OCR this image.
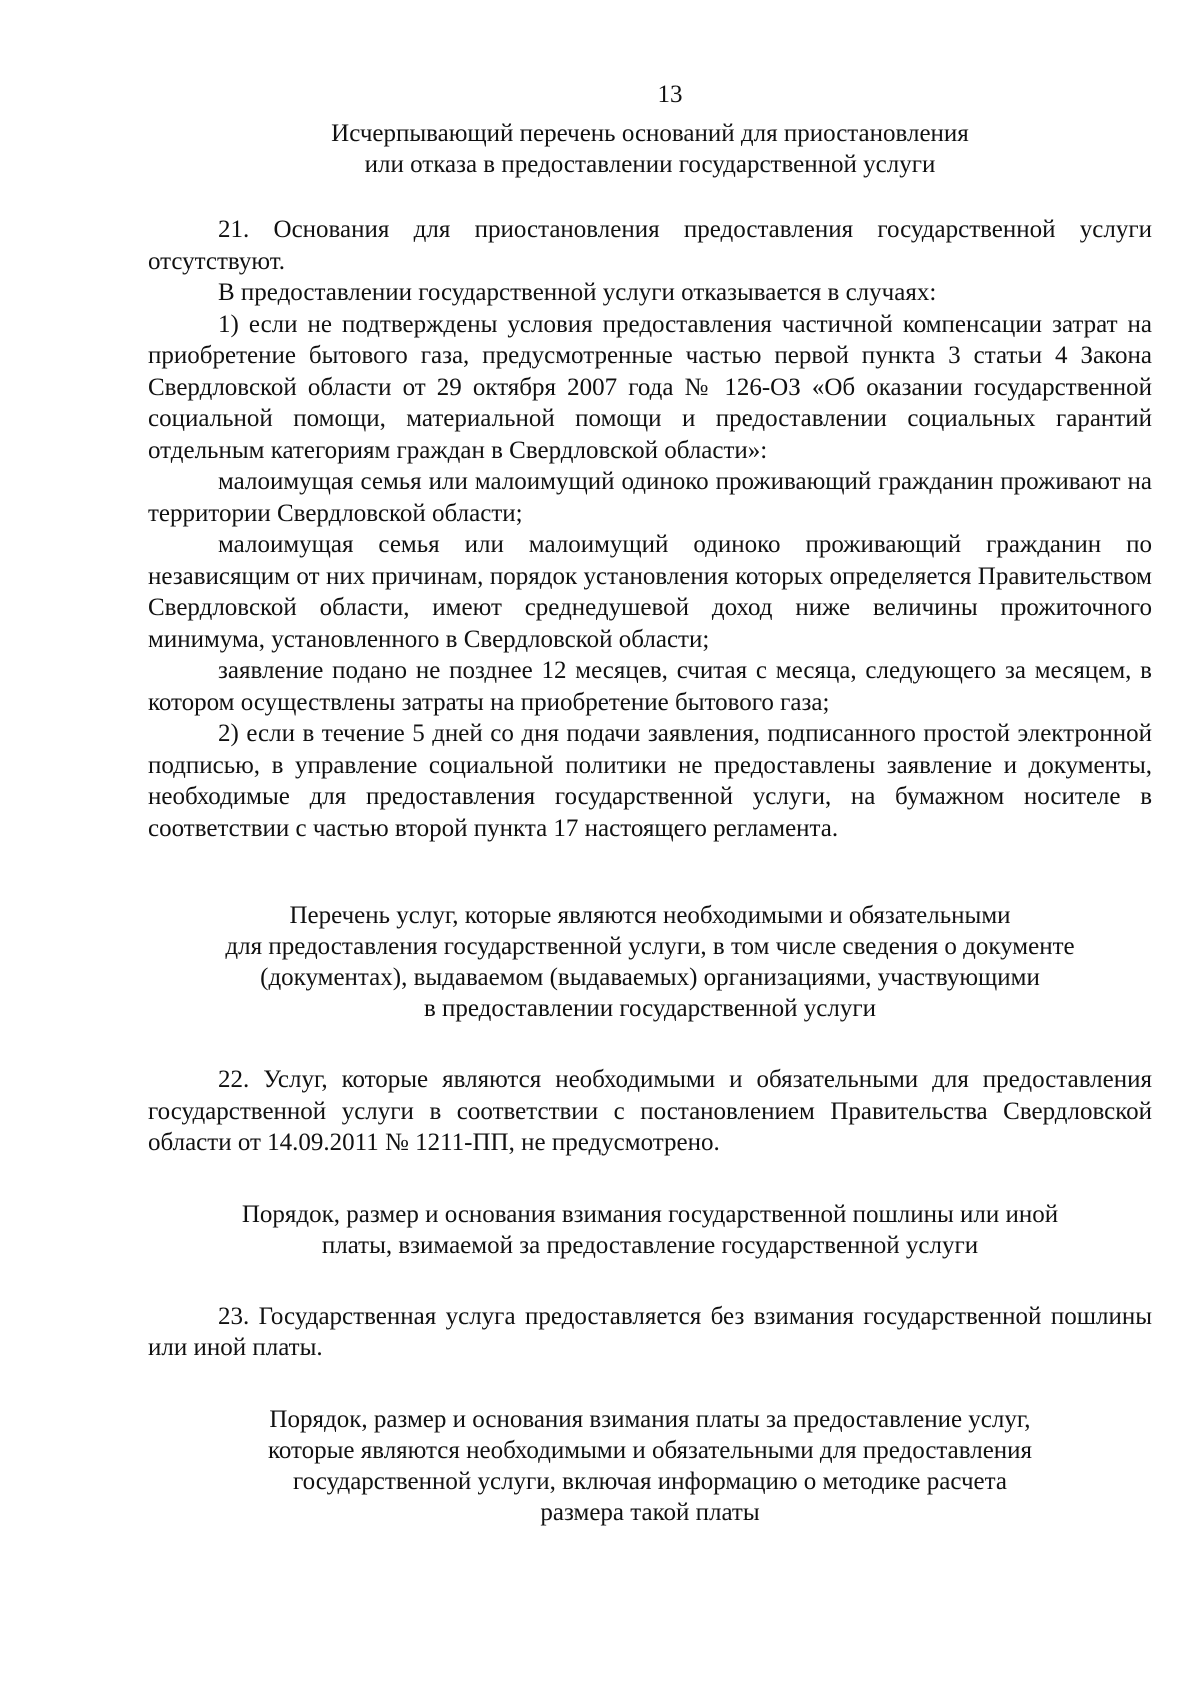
13
Исчерпывающий перечень оснований для приостановления
или отказа в предоставлении государственной услуги

21. Основания для приостановления предоставления государственной услуги отсутствуют.

В предоставлении государственной услуги отказывается в случаях:

1) если не подтверждены условия предоставления частичной компенсации затрат на приобретение бытового газа, предусмотренные частью первой пункта 3 статьи 4 Закона Свердловской области от 29 октября 2007 года № 126-ОЗ «Об оказании государственной социальной помощи, материальной помощи и предоставлении социальных гарантий отдельным категориям граждан в Свердловской области»:

малоимущая семья или малоимущий одиноко проживающий гражданин проживают на территории Свердловской области;

малоимущая семья или малоимущий одиноко проживающий гражданин по независящим от них причинам, порядок установления которых определяется Правительством Свердловской области, имеют среднедушевой доход ниже величины прожиточного минимума, установленного в Свердловской области;

заявление подано не позднее 12 месяцев, считая с месяца, следующего за месяцем, в котором осуществлены затраты на приобретение бытового газа;

2) если в течение 5 дней со дня подачи заявления, подписанного простой электронной подписью, в управление социальной политики не предоставлены заявление и документы, необходимые для предоставления государственной услуги, на бумажном носителе в соответствии с частью второй пункта 17 настоящего регламента.

Перечень услуг, которые являются необходимыми и обязательными
для предоставления государственной услуги, в том числе сведения о документе
(документах), выдаваемом (выдаваемых) организациями, участвующими
в предоставлении государственной услуги

22. Услуг, которые являются необходимыми и обязательными для предоставления государственной услуги в соответствии с постановлением Правительства Свердловской области от 14.09.2011 № 1211-ПП, не предусмотрено.

Порядок, размер и основания взимания государственной пошлины или иной
платы, взимаемой за предоставление государственной услуги

23. Государственная услуга предоставляется без взимания государственной пошлины или иной платы.

Порядок, размер и основания взимания платы за предоставление услуг,
которые являются необходимыми и обязательными для предоставления
государственной услуги, включая информацию о методике расчета
размера такой платы
